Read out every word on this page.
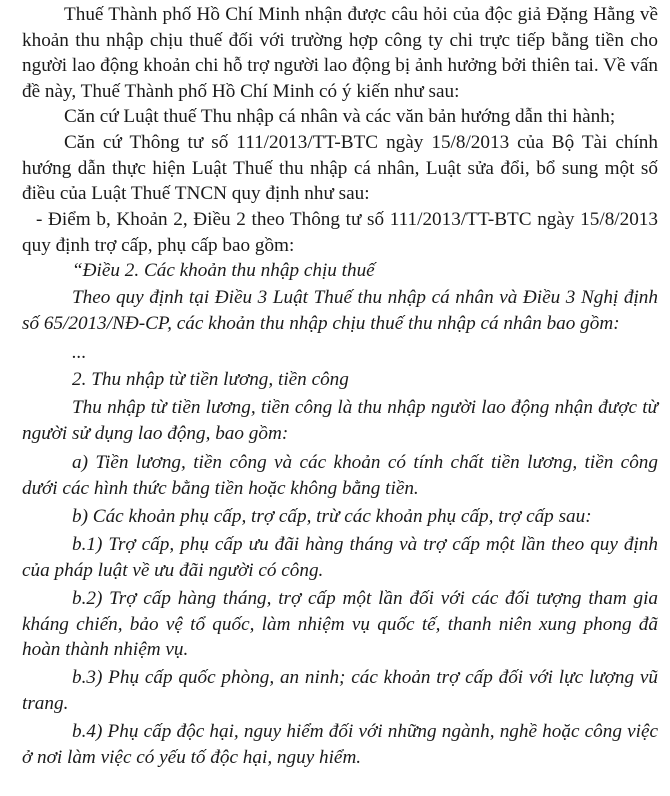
Thuế Thành phố Hồ Chí Minh nhận được câu hỏi của độc giả Đặng Hằng về khoản thu nhập chịu thuế đối với trường hợp công ty chi trực tiếp bằng tiền cho người lao động khoản chi hỗ trợ người lao động bị ảnh hưởng bởi thiên tai. Về vấn đề này, Thuế Thành phố Hồ Chí Minh có ý kiến như sau:

Căn cứ Luật thuế Thu nhập cá nhân và các văn bản hướng dẫn thi hành;

Căn cứ Thông tư số 111/2013/TT-BTC ngày 15/8/2013 của Bộ Tài chính hướng dẫn thực hiện Luật Thuế thu nhập cá nhân, Luật sửa đổi, bổ sung một số điều của Luật Thuế TNCN quy định như sau:

- Điểm b, Khoản 2, Điều 2 theo Thông tư số 111/2013/TT-BTC ngày 15/8/2013 quy định trợ cấp, phụ cấp bao gồm:

“Điều 2. Các khoản thu nhập chịu thuế

Theo quy định tại Điều 3 Luật Thuế thu nhập cá nhân và Điều 3 Nghị định số 65/2013/NĐ-CP, các khoản thu nhập chịu thuế thu nhập cá nhân bao gồm:

...

2. Thu nhập từ tiền lương, tiền công

Thu nhập từ tiền lương, tiền công là thu nhập người lao động nhận được từ người sử dụng lao động, bao gồm:

a) Tiền lương, tiền công và các khoản có tính chất tiền lương, tiền công dưới các hình thức bằng tiền hoặc không bằng tiền.

b) Các khoản phụ cấp, trợ cấp, trừ các khoản phụ cấp, trợ cấp sau:

b.1) Trợ cấp, phụ cấp ưu đãi hàng tháng và trợ cấp một lần theo quy định của pháp luật về ưu đãi người có công.

b.2) Trợ cấp hàng tháng, trợ cấp một lần đối với các đối tượng tham gia kháng chiến, bảo vệ tổ quốc, làm nhiệm vụ quốc tế, thanh niên xung phong đã hoàn thành nhiệm vụ.

b.3) Phụ cấp quốc phòng, an ninh; các khoản trợ cấp đối với lực lượng vũ trang.

b.4) Phụ cấp độc hại, nguy hiểm đối với những ngành, nghề hoặc công việc ở nơi làm việc có yếu tố độc hại, nguy hiểm.
